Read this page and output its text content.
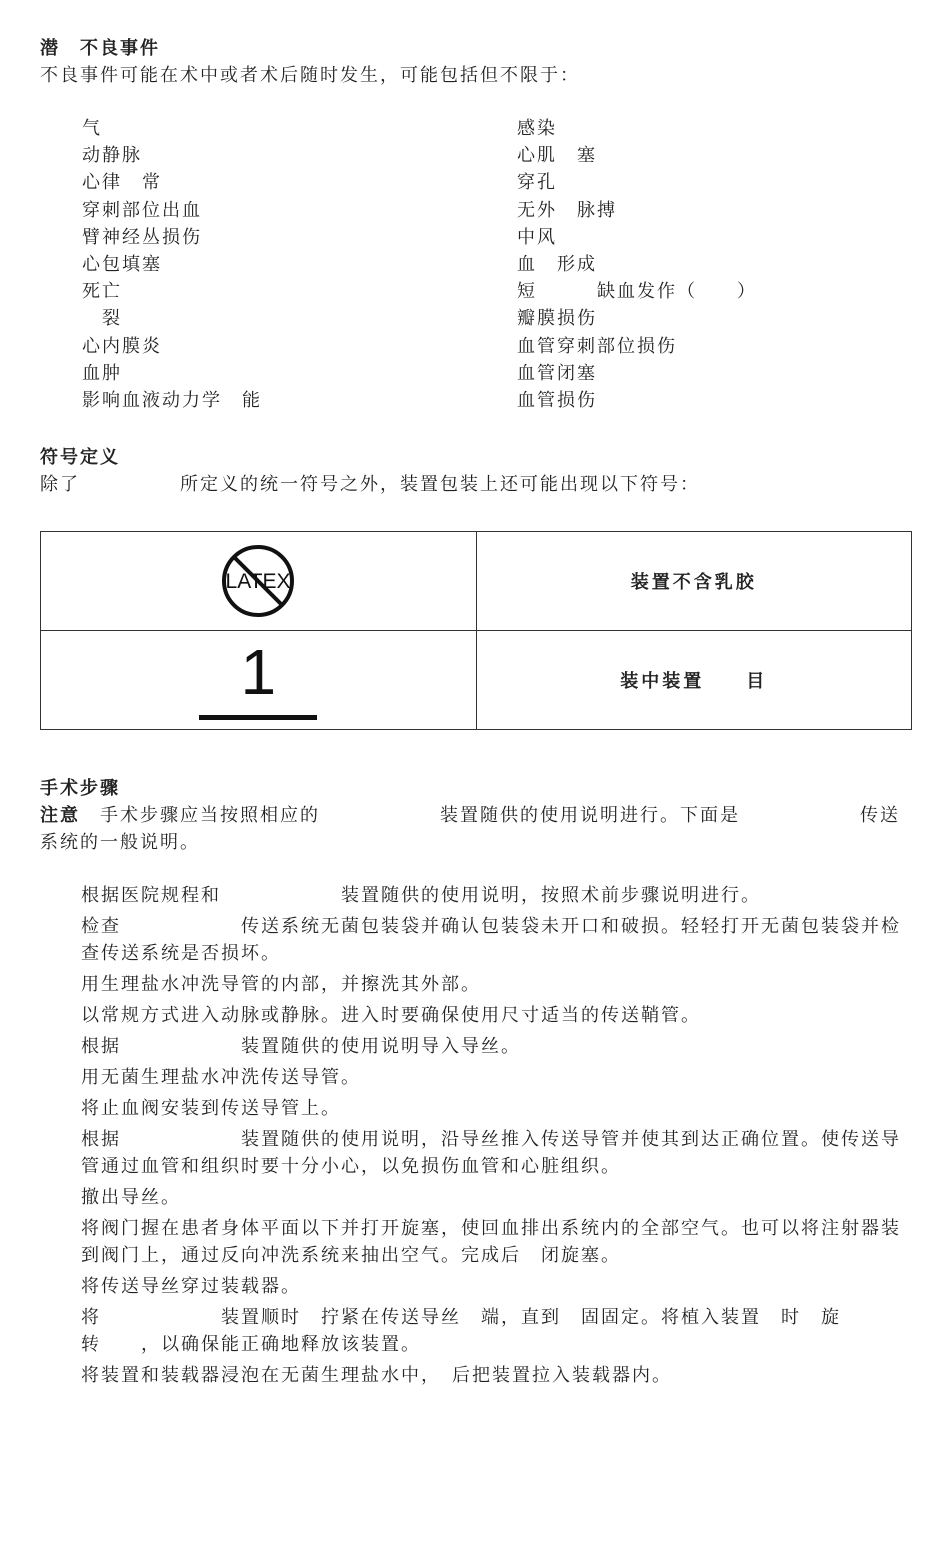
潜　不良事件
不良事件可能在术中或者术后随时发生，可能包括但不限于：
气
动静脉
心律　常
穿刺部位出血
臂神经丛损伤
心包填塞
死亡
　裂
心内膜炎
血肿
影响血液动力学　能
感染
心肌　塞
穿孔
无外　脉搏
中风
血　形成
短　　　缺血发作（　　）
瓣膜损伤
血管穿刺部位损伤
血管闭塞
血管损伤
符号定义
除了　　　　　所定义的统一符号之外，装置包装上还可能出现以下符号：
LATEX	装置不含乳胶

1	装中装置　　目
手术步骤
注意　手术步骤应当按照相应的　　　　　　装置随供的使用说明进行。下面是　　　　　　传送系统的一般说明。
根据医院规程和　　　　　　装置随供的使用说明，按照术前步骤说明进行。
检查　　　　　　传送系统无菌包装袋并确认包装袋未开口和破损。轻轻打开无菌包装袋并检查传送系统是否损坏。
用生理盐水冲洗导管的内部，并擦洗其外部。
以常规方式进入动脉或静脉。进入时要确保使用尺寸适当的传送鞘管。
根据　　　　　　装置随供的使用说明导入导丝。
用无菌生理盐水冲洗传送导管。
将止血阀安装到传送导管上。
根据　　　　　　装置随供的使用说明，沿导丝推入传送导管并使其到达正确位置。使传送导管通过血管和组织时要十分小心，以免损伤血管和心脏组织。
撤出导丝。
将阀门握在患者身体平面以下并打开旋塞，使回血排出系统内的全部空气。也可以将注射器装到阀门上，通过反向冲洗系统来抽出空气。完成后　闭旋塞。
将传送导丝穿过装载器。
将　　　　　　装置顺时　拧紧在传送导丝　端，直到　固固定。将植入装置　时　旋转　　，以确保能正确地释放该装置。
将装置和装载器浸泡在无菌生理盐水中，　后把装置拉入装载器内。
